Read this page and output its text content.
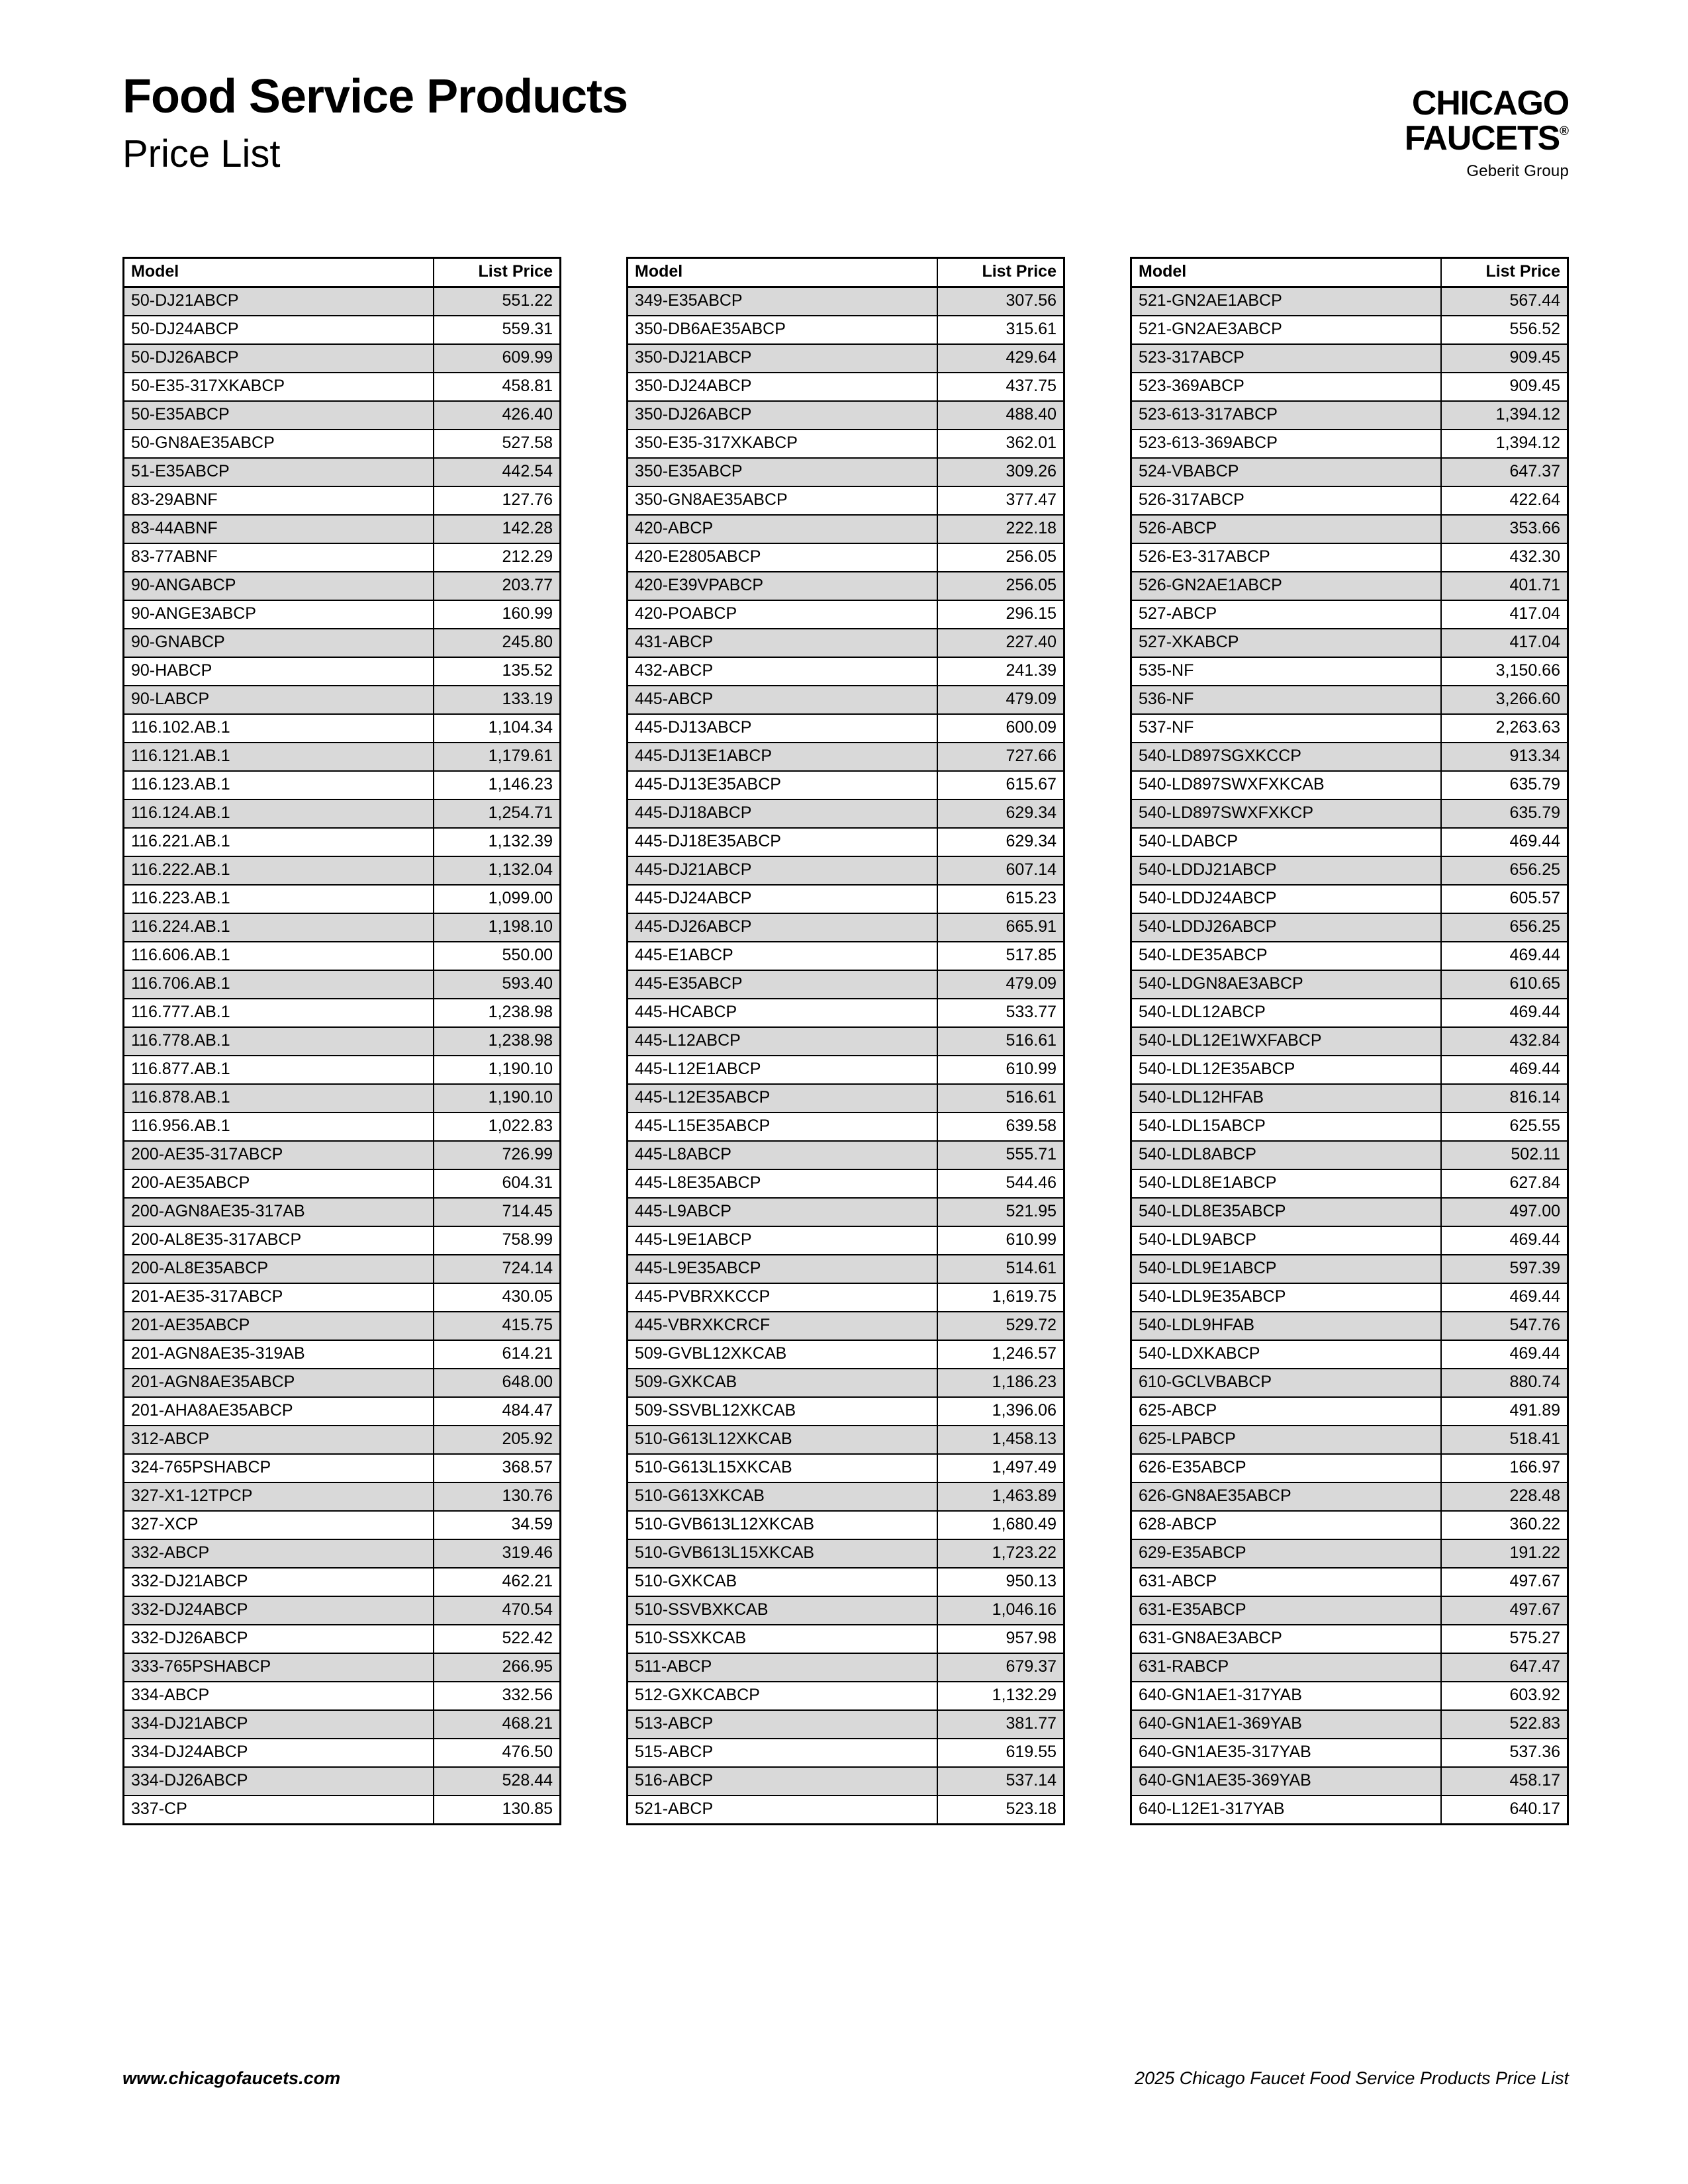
Food Service Products
Price List
CHICAGO
FAUCETS®
Geberit Group
Model	List Price
50-DJ21ABCP	551.22
50-DJ24ABCP	559.31
50-DJ26ABCP	609.99
50-E35-317XKABCP	458.81
50-E35ABCP	426.40
50-GN8AE35ABCP	527.58
51-E35ABCP	442.54
83-29ABNF	127.76
83-44ABNF	142.28
83-77ABNF	212.29
90-ANGABCP	203.77
90-ANGE3ABCP	160.99
90-GNABCP	245.80
90-HABCP	135.52
90-LABCP	133.19
116.102.AB.1	1,104.34
116.121.AB.1	1,179.61
116.123.AB.1	1,146.23
116.124.AB.1	1,254.71
116.221.AB.1	1,132.39
116.222.AB.1	1,132.04
116.223.AB.1	1,099.00
116.224.AB.1	1,198.10
116.606.AB.1	550.00
116.706.AB.1	593.40
116.777.AB.1	1,238.98
116.778.AB.1	1,238.98
116.877.AB.1	1,190.10
116.878.AB.1	1,190.10
116.956.AB.1	1,022.83
200-AE35-317ABCP	726.99
200-AE35ABCP	604.31
200-AGN8AE35-317AB	714.45
200-AL8E35-317ABCP	758.99
200-AL8E35ABCP	724.14
201-AE35-317ABCP	430.05
201-AE35ABCP	415.75
201-AGN8AE35-319AB	614.21
201-AGN8AE35ABCP	648.00
201-AHA8AE35ABCP	484.47
312-ABCP	205.92
324-765PSHABCP	368.57
327-X1-12TPCP	130.76
327-XCP	34.59
332-ABCP	319.46
332-DJ21ABCP	462.21
332-DJ24ABCP	470.54
332-DJ26ABCP	522.42
333-765PSHABCP	266.95
334-ABCP	332.56
334-DJ21ABCP	468.21
334-DJ24ABCP	476.50
334-DJ26ABCP	528.44
337-CP	130.85
Model	List Price
349-E35ABCP	307.56
350-DB6AE35ABCP	315.61
350-DJ21ABCP	429.64
350-DJ24ABCP	437.75
350-DJ26ABCP	488.40
350-E35-317XKABCP	362.01
350-E35ABCP	309.26
350-GN8AE35ABCP	377.47
420-ABCP	222.18
420-E2805ABCP	256.05
420-E39VPABCP	256.05
420-POABCP	296.15
431-ABCP	227.40
432-ABCP	241.39
445-ABCP	479.09
445-DJ13ABCP	600.09
445-DJ13E1ABCP	727.66
445-DJ13E35ABCP	615.67
445-DJ18ABCP	629.34
445-DJ18E35ABCP	629.34
445-DJ21ABCP	607.14
445-DJ24ABCP	615.23
445-DJ26ABCP	665.91
445-E1ABCP	517.85
445-E35ABCP	479.09
445-HCABCP	533.77
445-L12ABCP	516.61
445-L12E1ABCP	610.99
445-L12E35ABCP	516.61
445-L15E35ABCP	639.58
445-L8ABCP	555.71
445-L8E35ABCP	544.46
445-L9ABCP	521.95
445-L9E1ABCP	610.99
445-L9E35ABCP	514.61
445-PVBRXKCCP	1,619.75
445-VBRXKCRCF	529.72
509-GVBL12XKCAB	1,246.57
509-GXKCAB	1,186.23
509-SSVBL12XKCAB	1,396.06
510-G613L12XKCAB	1,458.13
510-G613L15XKCAB	1,497.49
510-G613XKCAB	1,463.89
510-GVB613L12XKCAB	1,680.49
510-GVB613L15XKCAB	1,723.22
510-GXKCAB	950.13
510-SSVBXKCAB	1,046.16
510-SSXKCAB	957.98
511-ABCP	679.37
512-GXKCABCP	1,132.29
513-ABCP	381.77
515-ABCP	619.55
516-ABCP	537.14
521-ABCP	523.18
Model	List Price
521-GN2AE1ABCP	567.44
521-GN2AE3ABCP	556.52
523-317ABCP	909.45
523-369ABCP	909.45
523-613-317ABCP	1,394.12
523-613-369ABCP	1,394.12
524-VBABCP	647.37
526-317ABCP	422.64
526-ABCP	353.66
526-E3-317ABCP	432.30
526-GN2AE1ABCP	401.71
527-ABCP	417.04
527-XKABCP	417.04
535-NF	3,150.66
536-NF	3,266.60
537-NF	2,263.63
540-LD897SGXKCCP	913.34
540-LD897SWXFXKCAB	635.79
540-LD897SWXFXKCP	635.79
540-LDABCP	469.44
540-LDDJ21ABCP	656.25
540-LDDJ24ABCP	605.57
540-LDDJ26ABCP	656.25
540-LDE35ABCP	469.44
540-LDGN8AE3ABCP	610.65
540-LDL12ABCP	469.44
540-LDL12E1WXFABCP	432.84
540-LDL12E35ABCP	469.44
540-LDL12HFAB	816.14
540-LDL15ABCP	625.55
540-LDL8ABCP	502.11
540-LDL8E1ABCP	627.84
540-LDL8E35ABCP	497.00
540-LDL9ABCP	469.44
540-LDL9E1ABCP	597.39
540-LDL9E35ABCP	469.44
540-LDL9HFAB	547.76
540-LDXKABCP	469.44
610-GCLVBABCP	880.74
625-ABCP	491.89
625-LPABCP	518.41
626-E35ABCP	166.97
626-GN8AE35ABCP	228.48
628-ABCP	360.22
629-E35ABCP	191.22
631-ABCP	497.67
631-E35ABCP	497.67
631-GN8AE3ABCP	575.27
631-RABCP	647.47
640-GN1AE1-317YAB	603.92
640-GN1AE1-369YAB	522.83
640-GN1AE35-317YAB	537.36
640-GN1AE35-369YAB	458.17
640-L12E1-317YAB	640.17
www.chicagofaucets.com	2025 Chicago Faucet Food Service Products Price List
